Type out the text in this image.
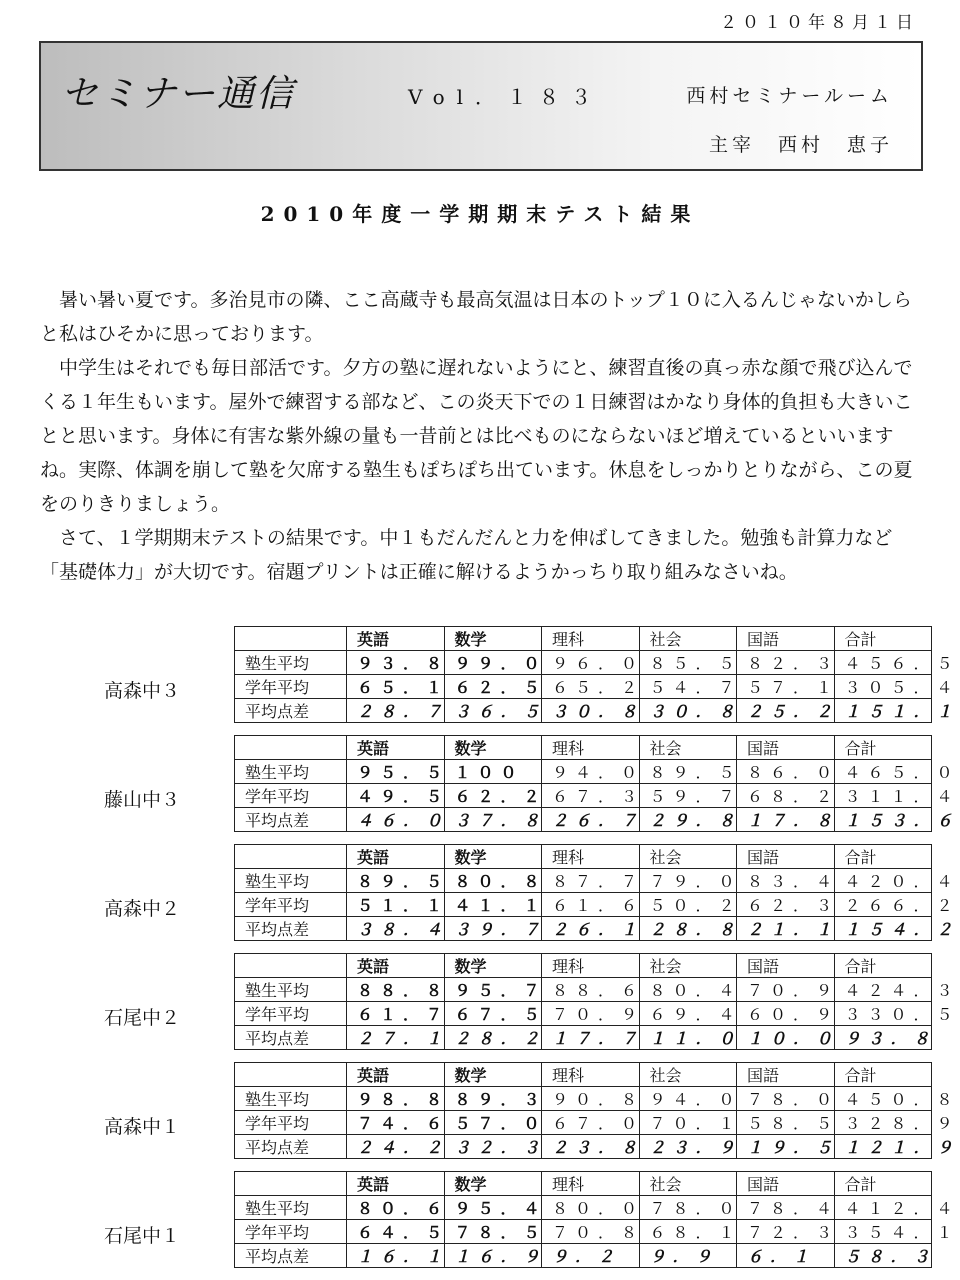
２０１０年８月１日
セミナー通信	Vol．１８３	西村セミナールーム
主宰　西村　恵子
2010年度一学期期末テスト結果

暑い暑い夏です。多治見市の隣、ここ高蔵寺も最高気温は日本のトップ１０に入るんじゃないかしらと私はひそかに思っております。

中学生はそれでも毎日部活です。夕方の塾に遅れないようにと、練習直後の真っ赤な顔で飛び込んでくる１年生もいます。屋外で練習する部など、この炎天下での１日練習はかなり身体的負担も大きいことと思います。身体に有害な紫外線の量も一昔前とは比べものにならないほど増えているといいますね。実際、体調を崩して塾を欠席する塾生もぽちぽち出ています。休息をしっかりとりながら、この夏をのりきりましょう。

さて、１学期期末テストの結果です。中１もだんだんと力を伸ばしてきました。勉強も計算力など「基礎体力」が大切です。宿題プリントは正確に解けるようかっちり取り組みなさいね。

高森中３
	英語	数学	理科	社会	国語	合計
塾生平均	９３．８	９９．０	９６．０	８５．５	８２．３	４５６．５
学年平均	６５．１	６２．５	６５．２	５４．７	５７．１	３０５．４
平均点差	２８．７	３６．５	３０．８	３０．８	２５．２	１５１．１
藤山中３
	英語	数学	理科	社会	国語	合計
塾生平均	９５．５	１００	９４．０	８９．５	８６．０	４６５．０
学年平均	４９．５	６２．２	６７．３	５９．７	６８．２	３１１．４
平均点差	４６．０	３７．８	２６．７	２９．８	１７．８	１５３．６
高森中２
	英語	数学	理科	社会	国語	合計
塾生平均	８９．５	８０．８	８７．７	７９．０	８３．４	４２０．４
学年平均	５１．１	４１．１	６１．６	５０．２	６２．３	２６６．２
平均点差	３８．４	３９．７	２６．１	２８．８	２１．１	１５４．２
石尾中２
	英語	数学	理科	社会	国語	合計
塾生平均	８８．８	９５．７	８８．６	８０．４	７０．９	４２４．３
学年平均	６１．７	６７．５	７０．９	６９．４	６０．９	３３０．５
平均点差	２７．１	２８．２	１７．７	１１．０	１０．０	９３．８
高森中１
	英語	数学	理科	社会	国語	合計
塾生平均	９８．８	８９．３	９０．８	９４．０	７８．０	４５０．８
学年平均	７４．６	５７．０	６７．０	７０．１	５８．５	３２８．９
平均点差	２４．２	３２．３	２３．８	２３．９	１９．５	１２１．９
石尾中１
	英語	数学	理科	社会	国語	合計
塾生平均	８０．６	９５．４	８０．０	７８．０	７８．４	４１２．４
学年平均	６４．５	７８．５	７０．８	６８．１	７２．３	３５４．１
平均点差	１６．１	１６．９	９．２	９．９	６．１	５８．３
